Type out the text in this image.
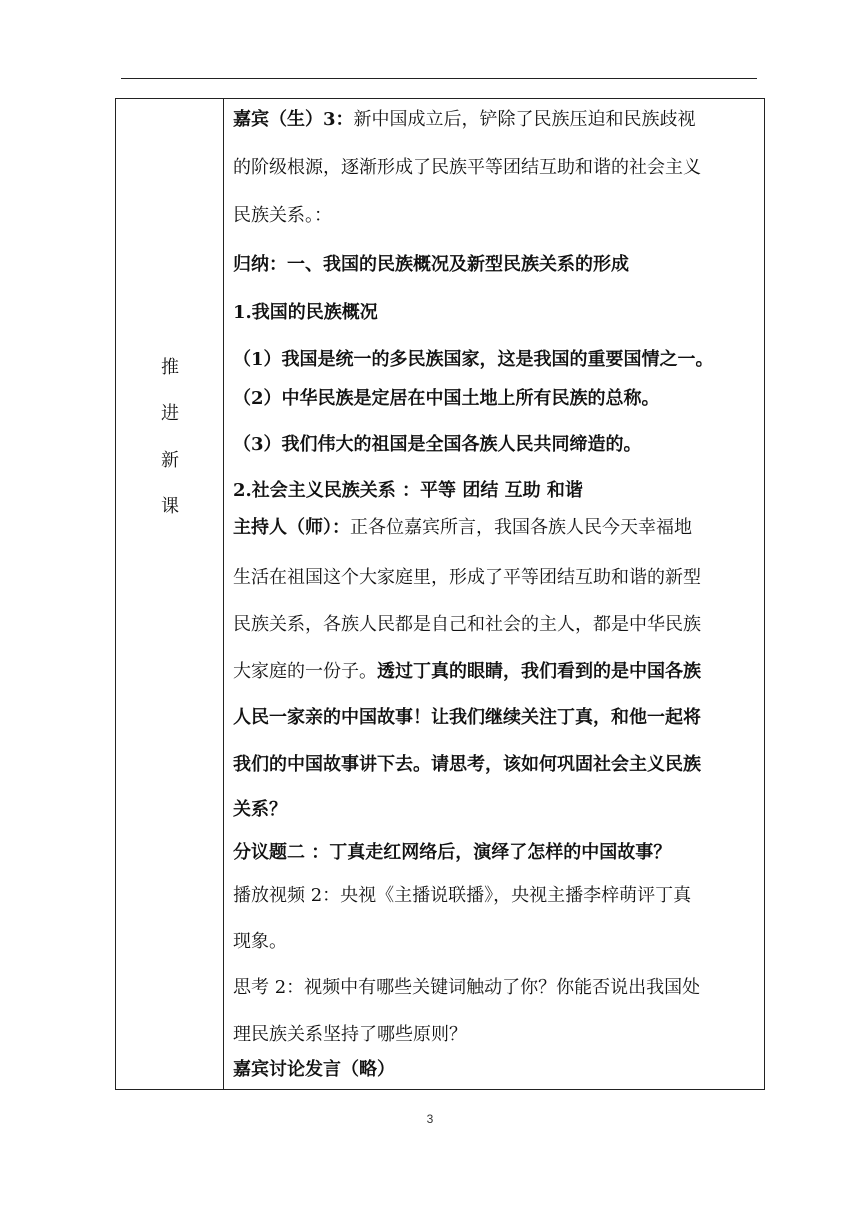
推
进
新
课
嘉宾（生）3：新中国成立后，铲除了民族压迫和民族歧视
的阶级根源，逐渐形成了民族平等团结互助和谐的社会主义
民族关系。：
归纳：一、我国的民族概况及新型民族关系的形成
1.我国的民族概况
（1）我国是统一的多民族国家，这是我国的重要国情之一。
（2）中华民族是定居在中国土地上所有民族的总称。
（3）我们伟大的祖国是全国各族人民共同缔造的。
2.社会主义民族关系 ：平等 团结 互助 和谐
主持人（师）：正各位嘉宾所言，我国各族人民今天幸福地
生活在祖国这个大家庭里，形成了平等团结互助和谐的新型
民族关系，各族人民都是自己和社会的主人，都是中华民族
大家庭的一份子。透过丁真的眼睛，我们看到的是中国各族
人民一家亲的中国故事！让我们继续关注丁真，和他一起将
我们的中国故事讲下去。请思考，该如何巩固社会主义民族
关系？
分议题二 ：丁真走红网络后，演绎了怎样的中国故事？
播放视频 2：央视《主播说联播》，央视主播李梓萌评丁真
现象。
思考 2：视频中有哪些关键词触动了你？你能否说出我国处
理民族关系坚持了哪些原则？
嘉宾讨论发言（略）
3
